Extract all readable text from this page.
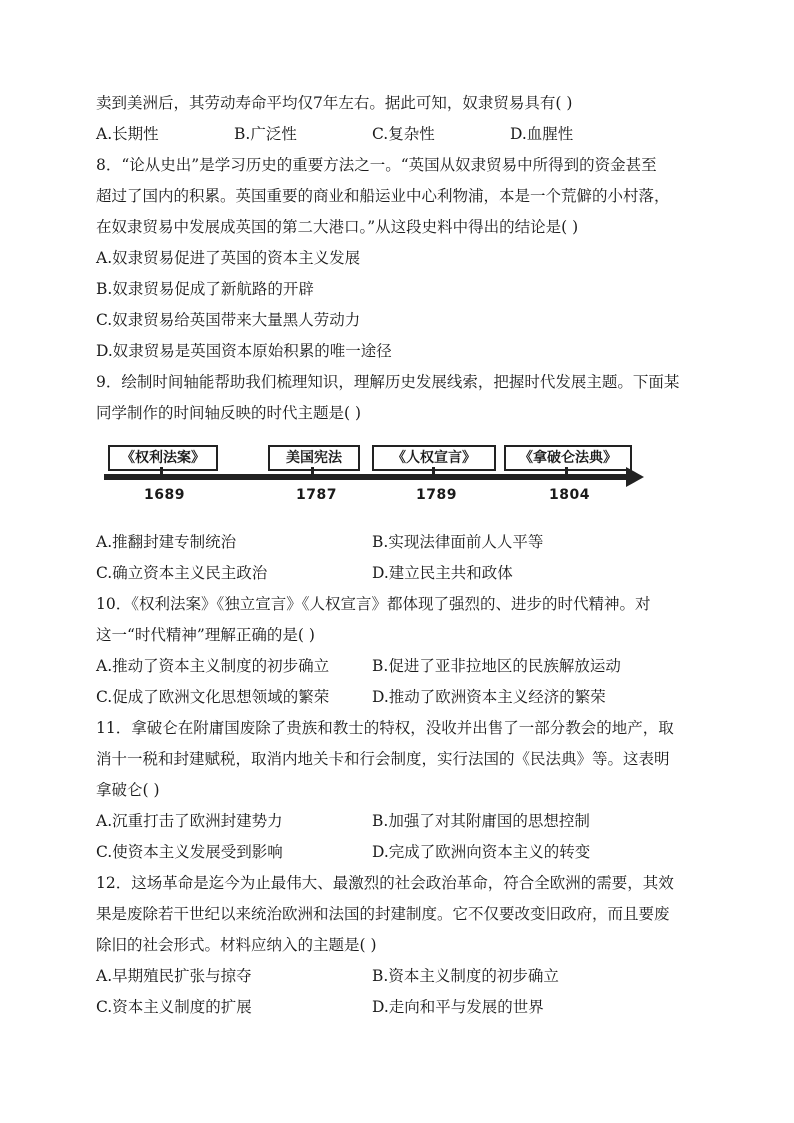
卖到美洲后，其劳动寿命平均仅7年左右。据此可知，奴隶贸易具有( )
A.长期性	B.广泛性	C.复杂性	D.血腥性
8．“论从史出”是学习历史的重要方法之一。“英国从奴隶贸易中所得到的资金甚至
超过了国内的积累。英国重要的商业和船运业中心利物浦，本是一个荒僻的小村落，
在奴隶贸易中发展成英国的第二大港口。”从这段史料中得出的结论是( )
A.奴隶贸易促进了英国的资本主义发展
B.奴隶贸易促成了新航路的开辟
C.奴隶贸易给英国带来大量黑人劳动力
D.奴隶贸易是英国资本原始积累的唯一途径
9．绘制时间轴能帮助我们梳理知识，理解历史发展线索，把握时代发展主题。下面某
同学制作的时间轴反映的时代主题是( )
《权利法案》	美国宪法	《人权宣言》	《拿破仑法典》
1689	1787	1789	1804
A.推翻封建专制统治	B.实现法律面前人人平等
C.确立资本主义民主政治	D.建立民主共和政体
10．《权利法案》《独立宣言》《人权宣言》都体现了强烈的、进步的时代精神。对
这一“时代精神”理解正确的是( )
A.推动了资本主义制度的初步确立	B.促进了亚非拉地区的民族解放运动
C.促成了欧洲文化思想领域的繁荣	D.推动了欧洲资本主义经济的繁荣
11．拿破仑在附庸国废除了贵族和教士的特权，没收并出售了一部分教会的地产，取
消十一税和封建赋税，取消内地关卡和行会制度，实行法国的《民法典》等。这表明
拿破仑( )
A.沉重打击了欧洲封建势力	B.加强了对其附庸国的思想控制
C.使资本主义发展受到影响	D.完成了欧洲向资本主义的转变
12．这场革命是迄今为止最伟大、最激烈的社会政治革命，符合全欧洲的需要，其效
果是废除若干世纪以来统治欧洲和法国的封建制度。它不仅要改变旧政府，而且要废
除旧的社会形式。材料应纳入的主题是( )
A.早期殖民扩张与掠夺	B.资本主义制度的初步确立
C.资本主义制度的扩展	D.走向和平与发展的世界
